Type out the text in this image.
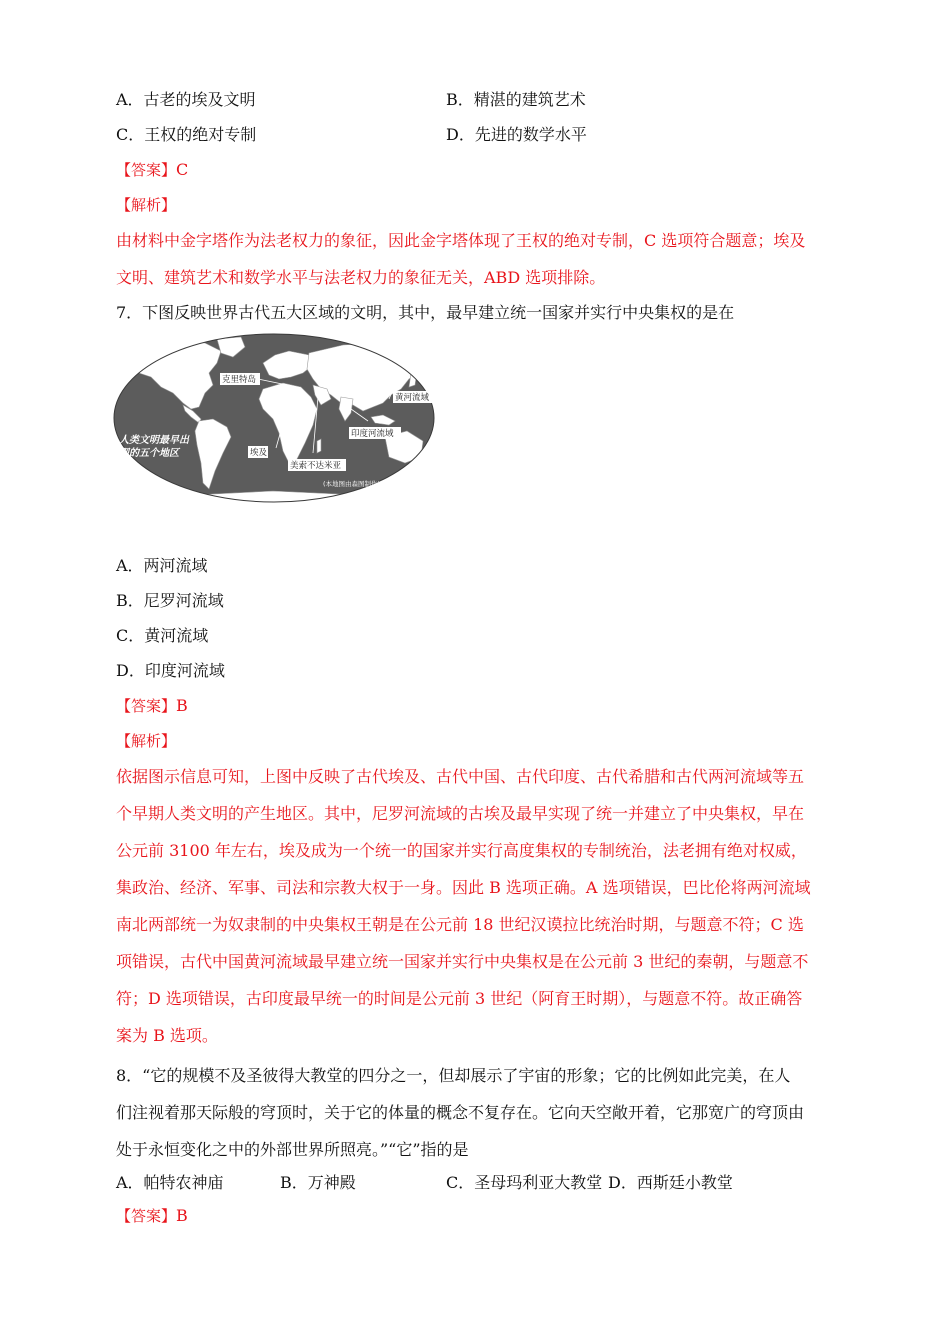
A．古老的埃及文明	B．精湛的建筑艺术
C．王权的绝对专制	D．先进的数学水平
【答案】C
【解析】

由材料中金字塔作为法老权力的象征，因此金字塔体现了王权的绝对专制，C 选项符合题意；埃及

文明、建筑艺术和数学水平与法老权力的象征无关，ABD 选项排除。

7．下图反映世界古代五大区域的文明，其中，最早建立统一国家并实行中央集权的是在
克里特岛
黄河流域
印度河流域
埃及
美索不达米亚
人类文明最早出
现的五个地区
(本地图由森图制作)
A．两河流域
B．尼罗河流域
C．黄河流域
D．印度河流域
【答案】B
【解析】

依据图示信息可知，上图中反映了古代埃及、古代中国、古代印度、古代希腊和古代两河流域等五

个早期人类文明的产生地区。其中，尼罗河流域的古埃及最早实现了统一并建立了中央集权，早在

公元前 3100 年左右，埃及成为一个统一的国家并实行高度集权的专制统治，法老拥有绝对权威，

集政治、经济、军事、司法和宗教大权于一身。因此 B 选项正确。A 选项错误，巴比伦将两河流域

南北两部统一为奴隶制的中央集权王朝是在公元前 18 世纪汉谟拉比统治时期，与题意不符；C 选

项错误，古代中国黄河流域最早建立统一国家并实行中央集权是在公元前 3 世纪的秦朝，与题意不

符；D 选项错误，古印度最早统一的时间是公元前 3 世纪（阿育王时期），与题意不符。故正确答

案为 B 选项。

8．“它的规模不及圣彼得大教堂的四分之一，但却展示了宇宙的形象；它的比例如此完美，在人

们注视着那天际般的穹顶时，关于它的体量的概念不复存在。它向天空敞开着，它那宽广的穹顶由

处于永恒变化之中的外部世界所照亮。”“它”指的是

A．帕特农神庙	B．万神殿	C．圣母玛利亚大教堂 D．西斯廷小教堂
【答案】B
